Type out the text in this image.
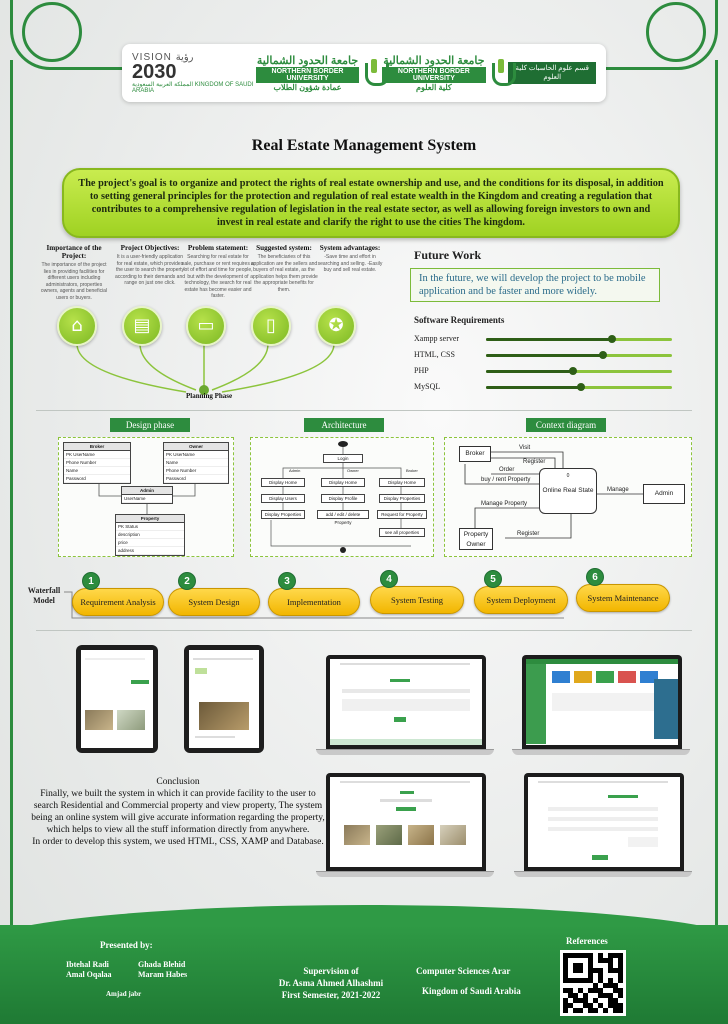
VISION رؤية
2030
المملكة العربية السعودية KINGDOM OF SAUDI ARABIA
جامعة الحدود الشمالية
NORTHERN BORDER UNIVERSITY
عمادة شؤون الطلاب
جامعة الحدود الشمالية
NORTHERN BORDER UNIVERSITY
كلية العلوم
قسم علوم الحاسبات كلية العلوم
Real Estate Management System
The project's goal is to organize and protect the rights of real estate ownership and use, and the conditions for its disposal, in addition to setting general principles for the protection and regulation of real estate wealth in the Kingdom and creating a regulation that contributes to a comprehensive regulation of legislation in the real estate sector, as well as allowing foreign investors to own and invest in real estate and clarify the right to use the cities The kingdom.
Importance of the Project:
The importance of the project lies in providing facilities for different users including administrators, properties owners, agents and beneficial users or buyers.
Project Objectives:
It is a user-friendly application for real estate, which provides the user to search the property according to their demands and range on just one click.
Problem statement:
Searching for real estate for sale, purchase or rent requires a lot of effort and time for people, but with the development of technology, the search for real estate has become easier and faster.
Suggested system:
The beneficiaries of this application are the sellers and buyers of real estate, as the application helps them provide the appropriate benefits for them.
System advantages:
-Save time and effort in searching and selling. -Easily buy and sell real estate.
⌂	▤	▭	▯	✪
Planning Phase
Future Work
In the future, we will develop the project to be mobile application and be faster and more widely.
Software Requirements
Xampp server
HTML, CSS
PHP
MySQL
Design phase	Architecture	Context diagram
Broker
PK UserName
Phone Number
Name
Password
Owner
PK UserName
Name
Phone Number
Password
Admin
UserName
Property
PK Status
description
price
address
Login
Admin	Owner	Broker
Display Home
Display Users
Display Properties
Display Home
Display Profile
add / edit / delete Property
Display Home
Display Properties
Request for Property
see all properties
Broker
0
Online Real State	Admin
Property Owner
Visit
Register
Order
buy / rent Property
Manage
Manage Property
Register
Waterfall Model	Requirement Analysis
1
System Design
2
Implementation
3
System Testing
4
System Deployment
5
System Maintenance
6
Conclusion
Finally, we built the system in which it can provide facility to the user to search Residential and Commercial property and view property, The system being an online system will give accurate information regarding the property, which helps to view all the stuff information directly from anywhere.
In order to develop this system, we used HTML, CSS, XAMP and Database.
Presented by:
Ibtehal Radi	Ghada Blehid
Amal Oqalaa	Maram Habes
Amjad jabr
Supervision of
Dr. Asma Ahmed Alhashmi
First Semester, 2021-2022
Computer Sciences Arar
Kingdom of Saudi Arabia
References
